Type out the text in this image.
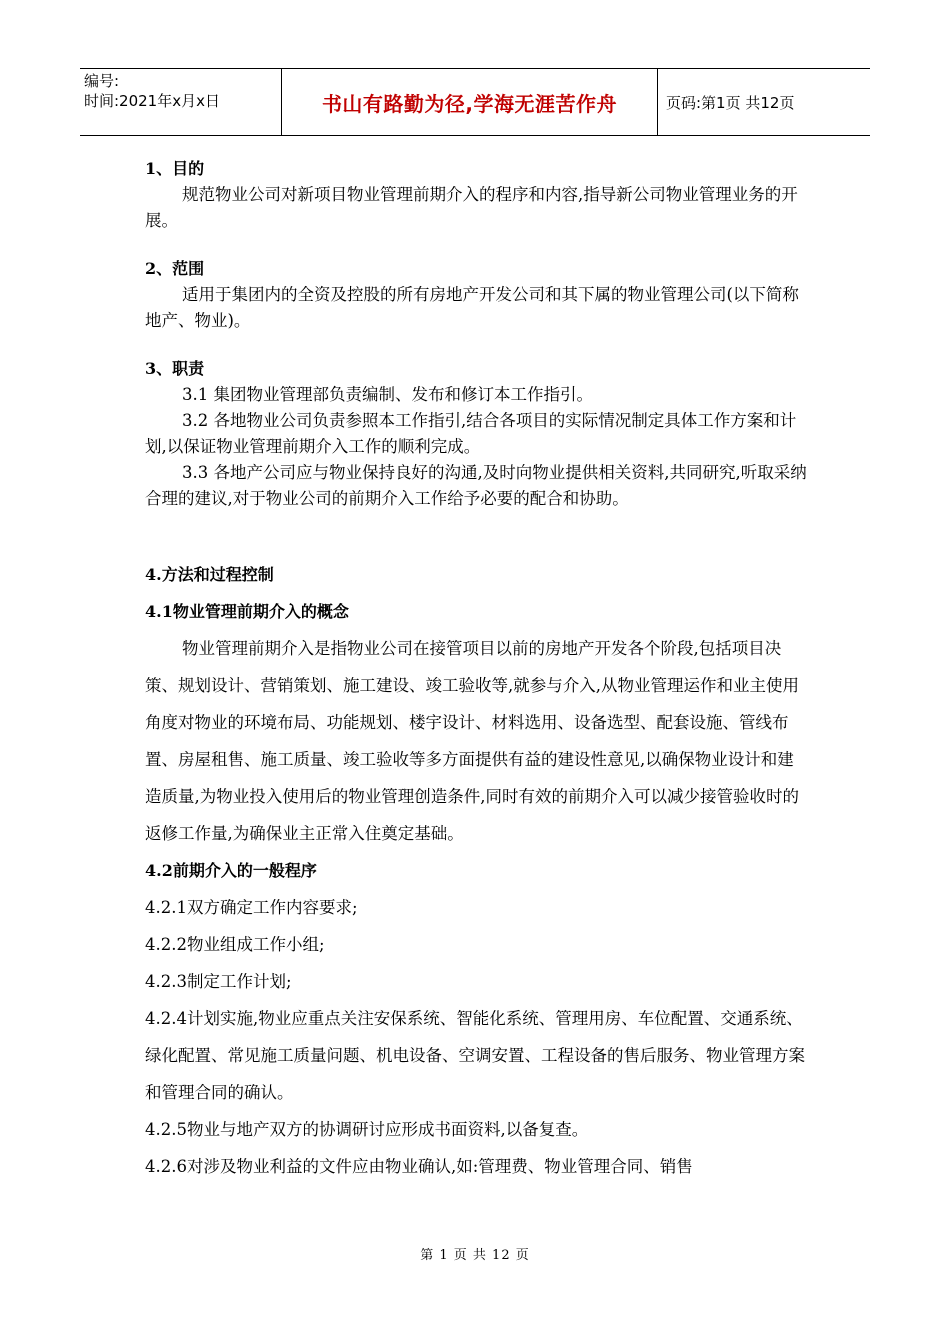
编号:
时间:2021年x月x日	书山有路勤为径,学海无涯苦作舟	页码:第1页 共12页

1、目的

规范物业公司对新项目物业管理前期介入的程序和内容,指导新公司物业管理业务的开展。

2、范围

适用于集团内的全资及控股的所有房地产开发公司和其下属的物业管理公司(以下简称地产、物业)。

3、职责

3.1 集团物业管理部负责编制、发布和修订本工作指引。

3.2 各地物业公司负责参照本工作指引,结合各项目的实际情况制定具体工作方案和计划,以保证物业管理前期介入工作的顺利完成。

3.3 各地产公司应与物业保持良好的沟通,及时向物业提供相关资料,共同研究,听取采纳合理的建议,对于物业公司的前期介入工作给予必要的配合和协助。

4.方法和过程控制

4.1物业管理前期介入的概念

物业管理前期介入是指物业公司在接管项目以前的房地产开发各个阶段,包括项目决策、规划设计、营销策划、施工建设、竣工验收等,就参与介入,从物业管理运作和业主使用角度对物业的环境布局、功能规划、楼宇设计、材料选用、设备选型、配套设施、管线布置、房屋租售、施工质量、竣工验收等多方面提供有益的建设性意见,以确保物业设计和建造质量,为物业投入使用后的物业管理创造条件,同时有效的前期介入可以减少接管验收时的返修工作量,为确保业主正常入住奠定基础。

4.2前期介入的一般程序

4.2.1双方确定工作内容要求;

4.2.2物业组成工作小组;

4.2.3制定工作计划;

4.2.4计划实施,物业应重点关注安保系统、智能化系统、管理用房、车位配置、交通系统、绿化配置、常见施工质量问题、机电设备、空调安置、工程设备的售后服务、物业管理方案和管理合同的确认。

4.2.5物业与地产双方的协调研讨应形成书面资料,以备复查。

4.2.6对涉及物业利益的文件应由物业确认,如:管理费、物业管理合同、销售

第 1 页 共 12 页
